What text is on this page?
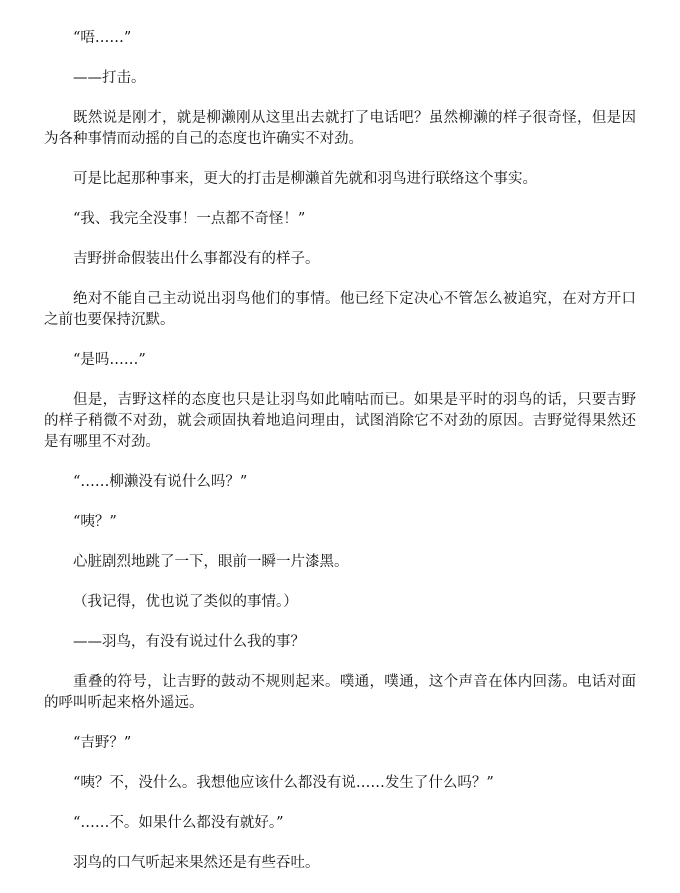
“唔……”

——打击。

既然说是刚才，就是柳濑刚从这里出去就打了电话吧？虽然柳濑的样子很奇怪，但是因为各种事情而动摇的自己的态度也许确实不对劲。

可是比起那种事来，更大的打击是柳濑首先就和羽鸟进行联络这个事实。

“我、我完全没事！一点都不奇怪！”

吉野拼命假装出什么事都没有的样子。

绝对不能自己主动说出羽鸟他们的事情。他已经下定决心不管怎么被追究，在对方开口之前也要保持沉默。

“是吗……”

但是，吉野这样的态度也只是让羽鸟如此喃咕而已。如果是平时的羽鸟的话，只要吉野的样子稍微不对劲，就会顽固执着地追问理由，试图消除它不对劲的原因。吉野觉得果然还是有哪里不对劲。

“……柳濑没有说什么吗？”

“咦？”

心脏剧烈地跳了一下，眼前一瞬一片漆黑。

（我记得，优也说了类似的事情。）

——羽鸟，有没有说过什么我的事？

重叠的符号，让吉野的鼓动不规则起来。噗通，噗通，这个声音在体内回荡。电话对面的呼叫听起来格外遥远。

“吉野？”

“咦？不，没什么。我想他应该什么都没有说……发生了什么吗？”

“……不。如果什么都没有就好。”

羽鸟的口气听起来果然还是有些吞吐。
